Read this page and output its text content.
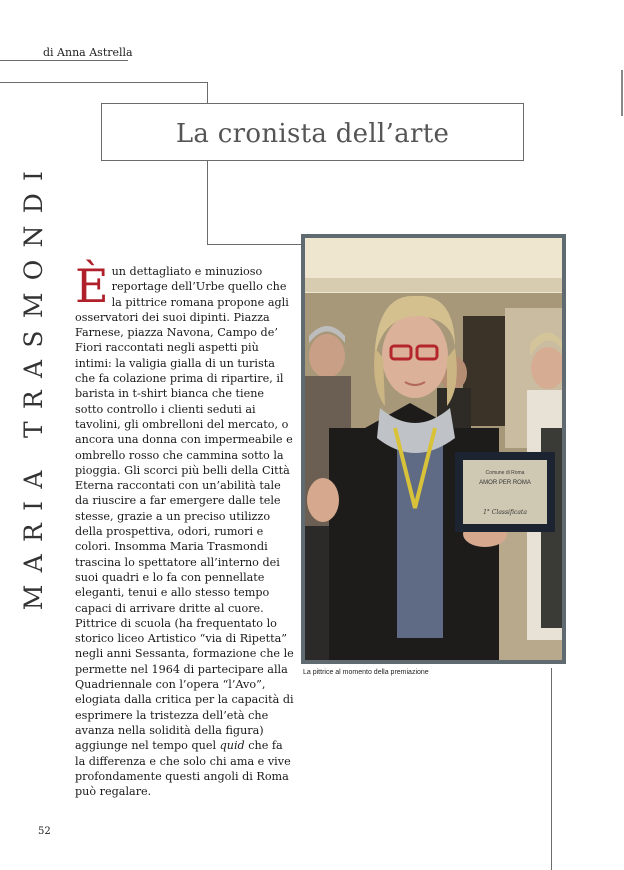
di Anna Astrella
La cronista dell’arte
MARIA TRASMONDI È un dettagliato e minuzioso reportage dell’Urbe quello che la pittrice romana propone agli osservatori dei suoi dipinti. Piazza Farnese, piazza Navona, Campo de’ Fiori raccontati negli aspetti più intimi: la valigia gialla di un turista che fa colazione prima di ripartire, il barista in t-shirt bianca che tiene sotto controllo i clienti seduti ai tavolini, gli ombrelloni del mercato, o ancora una donna con impermeabile e ombrello rosso che cammina sotto la pioggia. Gli scorci più belli della Città Eterna raccontati con un’abilità tale da riuscire a far emergere dalle tele stesse, grazie a un preciso utilizzo della prospettiva, odori, rumori e colori. Insomma Maria Trasmondi trascina lo spettatore all’interno dei suoi quadri e lo fa con pennellate eleganti, tenui e allo stesso tempo capaci di arrivare dritte al cuore.

Pittrice di scuola (ha frequentato lo storico liceo Artistico “via di Ripetta” negli anni Sessanta, formazione che le permette nel 1964 di partecipare alla Quadriennale con l’opera “l’Avo”, elogiata dalla critica per la capacità di esprimere la tristezza dell’età che avanza nella solidità della figura) aggiunge nel tempo quel quid che fa la differenza e che solo chi ama e vive profondamente questi angoli di Roma può regalare.

Comune di Roma
AMOR PER ROMA
1° Classificata
La pittrice al momento della premiazione
52
